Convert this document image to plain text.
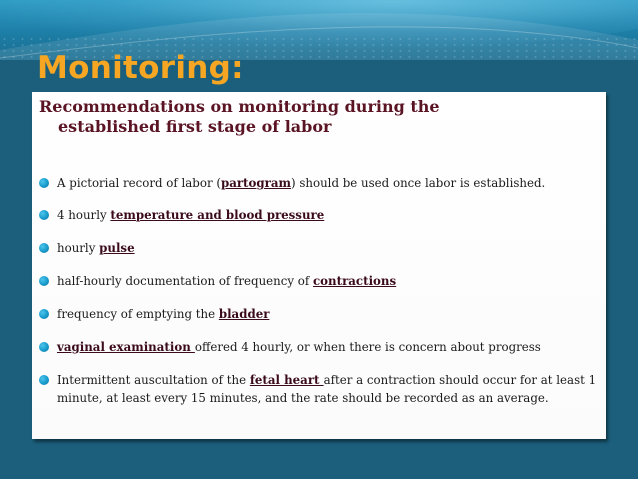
Monitoring:
Recommendations on monitoring during the
established first stage of labor
A pictorial record of labor (partogram) should be used once labor is established.
4 hourly temperature and blood pressure
hourly pulse
half-hourly documentation of frequency of contractions
frequency of emptying the bladder
vaginal examination offered 4 hourly, or when there is concern about progress
Intermittent auscultation of the fetal heart after a contraction should occur for at least 1 minute, at least every 15 minutes, and the rate should be recorded as an average.
